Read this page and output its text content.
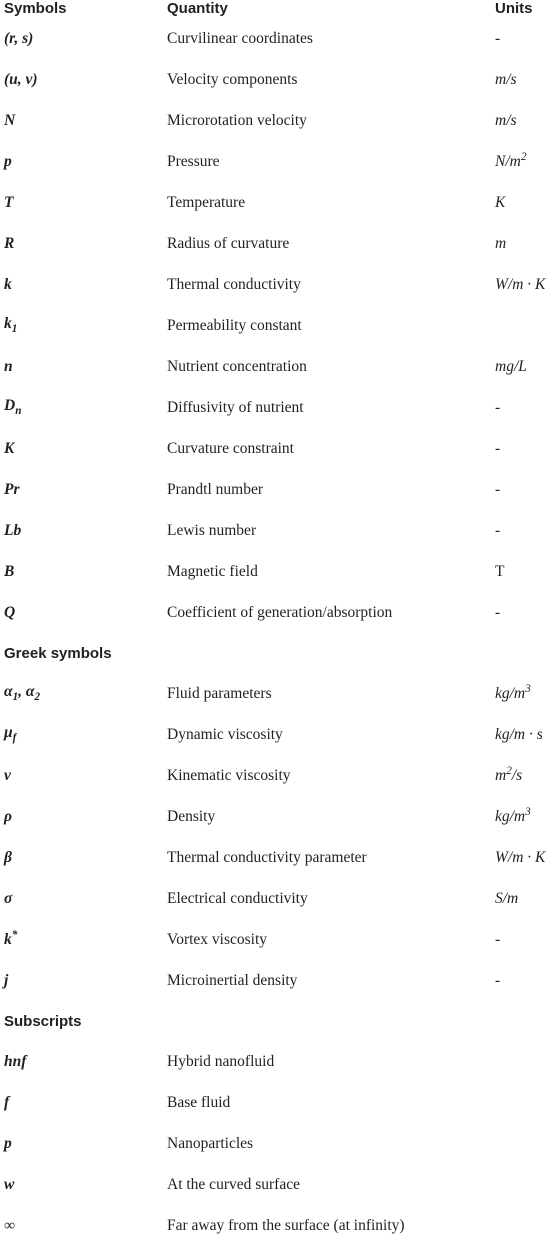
Symbols	Quantity	Units
(r, s)	Curvilinear coordinates	-
(u, v)	Velocity components	m/s
N	Microrotation velocity	m/s
p	Pressure	$N/m^2$
T	Temperature	K
R	Radius of curvature	m
k	Thermal conductivity	W/m · K
$k_1$	Permeability constant	
n	Nutrient concentration	mg/L
$D_n$	Diffusivity of nutrient	-
K	Curvature constraint	-
Pr	Prandtl number	-
Lb	Lewis number	-
B	Magnetic field	T
Q	Coefficient of generation/absorption	-
Greek symbols		
$\alpha_1$, $\alpha_2$	Fluid parameters	$kg/m^3$
$\mu_f$	Dynamic viscosity	kg/m · s
ν	Kinematic viscosity	$m^2/s$
ρ	Density	$kg/m^3$
β	Thermal conductivity parameter	W/m · K
σ	Electrical conductivity	S/m
k*	Vortex viscosity	-
j	Microinertial density	-
Subscripts		
hnf	Hybrid nanofluid	
f	Base fluid	
p	Nanoparticles	
w	At the curved surface	
∞	Far away from the surface (at infinity)	
